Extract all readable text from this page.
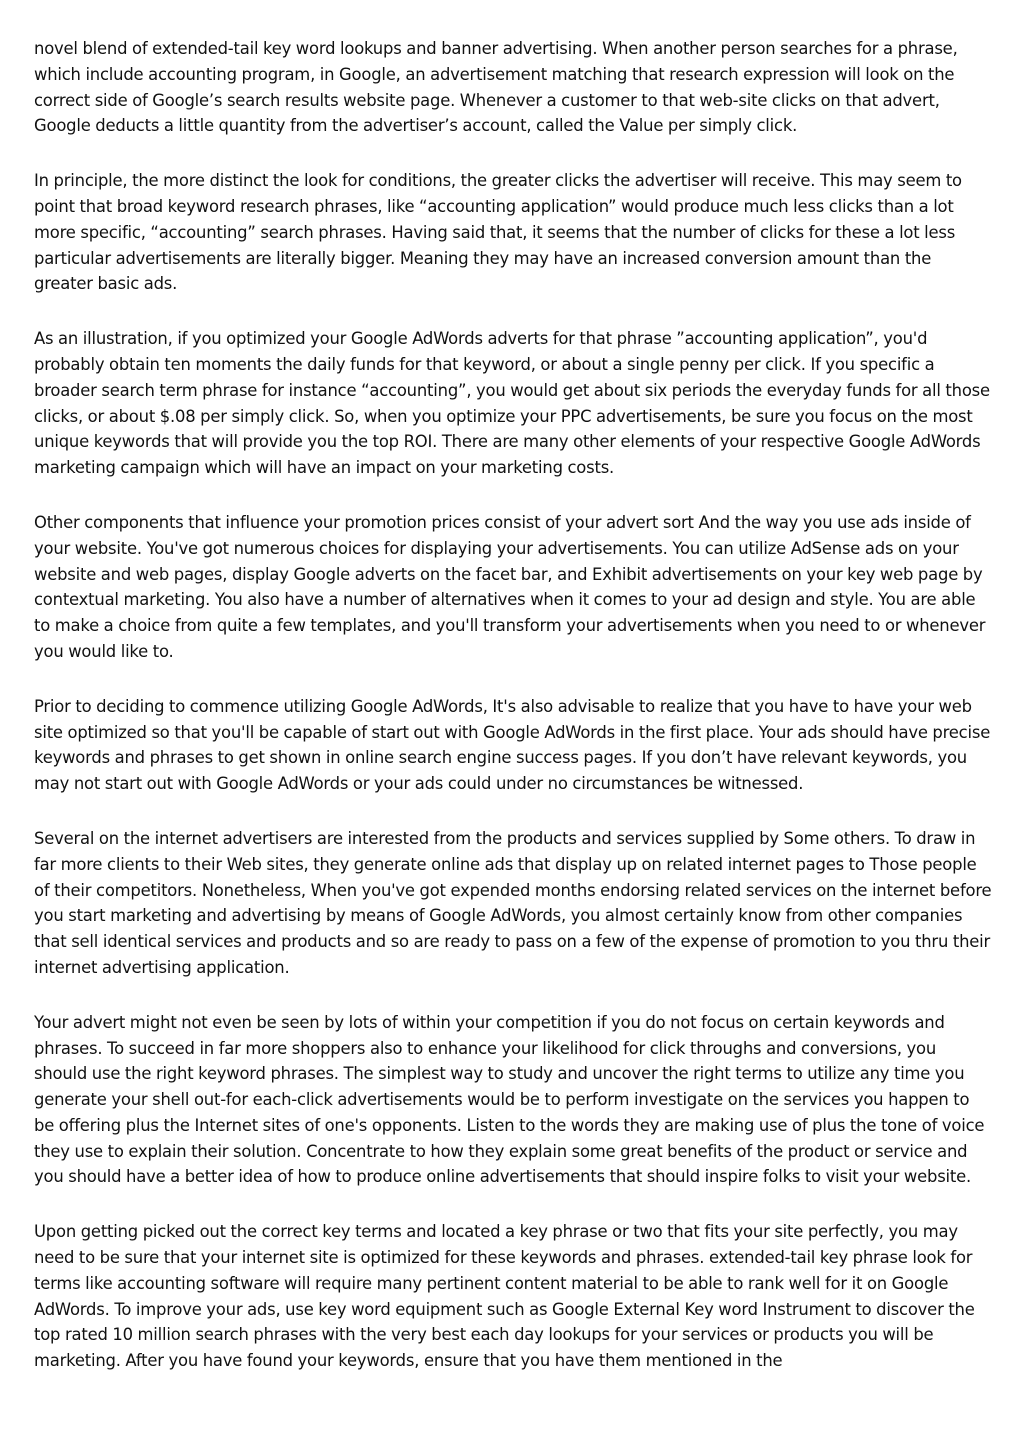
novel blend of extended-tail key word lookups and banner advertising. When another person searches for a phrase, which include accounting program, in Google, an advertisement matching that research expression will look on the correct side of Google’s search results website page. Whenever a customer to that web-site clicks on that advert, Google deducts a little quantity from the advertiser’s account, called the Value per simply click.

In principle, the more distinct the look for conditions, the greater clicks the advertiser will receive. This may seem to point that broad keyword research phrases, like “accounting application” would produce much less clicks than a lot more specific, “accounting” search phrases. Having said that, it seems that the number of clicks for these a lot less particular advertisements are literally bigger. Meaning they may have an increased conversion amount than the greater basic ads.

As an illustration, if you optimized your Google AdWords adverts for that phrase ”accounting application”, you'd probably obtain ten moments the daily funds for that keyword, or about a single penny per click. If you specific a broader search term phrase for instance “accounting”, you would get about six periods the everyday funds for all those clicks, or about $.08 per simply click. So, when you optimize your PPC advertisements, be sure you focus on the most unique keywords that will provide you the top ROI. There are many other elements of your respective Google AdWords marketing campaign which will have an impact on your marketing costs.

Other components that influence your promotion prices consist of your advert sort And the way you use ads inside of your website. You've got numerous choices for displaying your advertisements. You can utilize AdSense ads on your website and web pages, display Google adverts on the facet bar, and Exhibit advertisements on your key web page by contextual marketing. You also have a number of alternatives when it comes to your ad design and style. You are able to make a choice from quite a few templates, and you'll transform your advertisements when you need to or whenever you would like to.

Prior to deciding to commence utilizing Google AdWords, It's also advisable to realize that you have to have your web site optimized so that you'll be capable of start out with Google AdWords in the first place. Your ads should have precise keywords and phrases to get shown in online search engine success pages. If you don’t have relevant keywords, you may not start out with Google AdWords or your ads could under no circumstances be witnessed.

Several on the internet advertisers are interested from the products and services supplied by Some others. To draw in far more clients to their Web sites, they generate online ads that display up on related internet pages to Those people of their competitors. Nonetheless, When you've got expended months endorsing related services on the internet before you start marketing and advertising by means of Google AdWords, you almost certainly know from other companies that sell identical services and products and so are ready to pass on a few of the expense of promotion to you thru their internet advertising application.

Your advert might not even be seen by lots of within your competition if you do not focus on certain keywords and phrases. To succeed in far more shoppers also to enhance your likelihood for click throughs and conversions, you should use the right keyword phrases. The simplest way to study and uncover the right terms to utilize any time you generate your shell out-for each-click advertisements would be to perform investigate on the services you happen to be offering plus the Internet sites of one's opponents. Listen to the words they are making use of plus the tone of voice they use to explain their solution. Concentrate to how they explain some great benefits of the product or service and you should have a better idea of how to produce online advertisements that should inspire folks to visit your website.

Upon getting picked out the correct key terms and located a key phrase or two that fits your site perfectly, you may need to be sure that your internet site is optimized for these keywords and phrases. extended-tail key phrase look for terms like accounting software will require many pertinent content material to be able to rank well for it on Google AdWords. To improve your ads, use key word equipment such as Google External Key word Instrument to discover the top rated 10 million search phrases with the very best each day lookups for your services or products you will be marketing. After you have found your keywords, ensure that you have them mentioned in the
